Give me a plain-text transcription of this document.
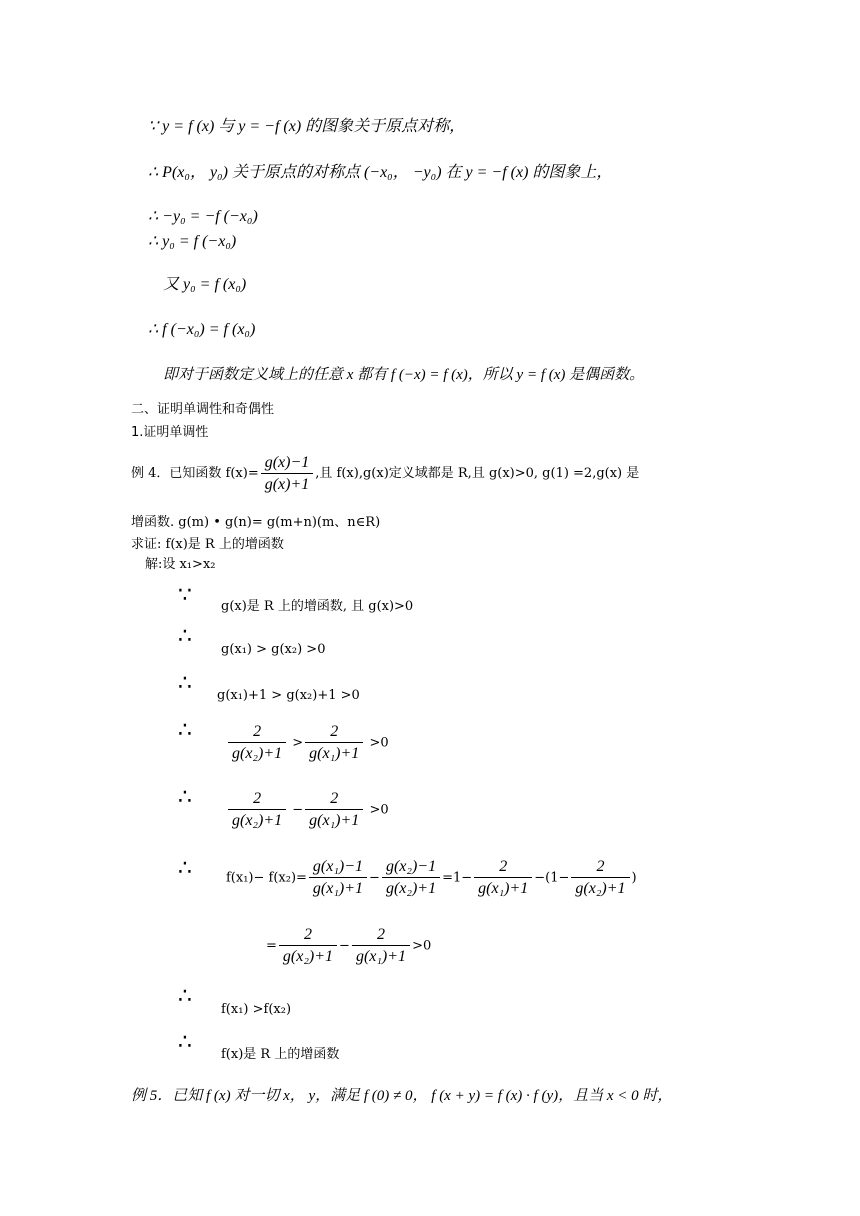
∵ y = f (x) 与 y = −f (x) 的图象关于原点对称，
∴ P(x₀， y₀) 关于原点的对称点 (−x₀， −y₀) 在 y = −f (x) 的图象上，
∴ −y₀ = −f (−x₀)
∴ y₀ = f (−x₀)
又 y₀ = f (x₀)
∴ f (−x₀) = f (x₀)
即对于函数定义域上的任意 x 都有 f (−x) = f (x)，所以 y = f (x) 是偶函数。
二、证明单调性和奇偶性
1.证明单调性
例 4．已知函数 $f(x)= \frac{g(x)-1}{g(x)+1}$ ,且 f(x),g(x)定义域都是 R,且 g(x)>0, g(1) =2,g(x) 是
增函数. g(m) • g(n)= g(m+n)(m、n∈R)
求证: f(x)是 R 上的增函数
解:设 x₁>x₂
∵ g(x)是 R 上的增函数, 且 g(x)>0
∴
g(x₁) > g(x₂) >0
∴ g(x₁)+1 > g(x₂)+1 >0
∴ $\frac{2}{\text{g(x₂)+1}} > \frac{2}{\text{g(x₁)+1}} >0$
∴ $\frac{2}{\text{g(x₂)+1}} - \frac{2}{\text{g(x₁)+1}} >0$
∴	$f(x_1)- f(x_2)= \frac{\text{g(x₁)−1}}{\text{g(x₁)+1}} - \frac{\text{g(x₂)−1}}{\text{g(x₂)+1}} =1- \frac{2}{\text{g(x₁)+1}} -(1- \frac{2}{\text{g(x₂)+1}}$ )
= $\frac{2}{\text{g(x₂)+1}} - \frac{2}{\text{g(x₁)+1}} >0$
∴
f(x₁) >f(x₂)
∴ f(x)是 R 上的增函数
例 5．已知 f (x) 对一切 x， y，满足 f (0) ≠ 0， f (x + y) = f (x) · f (y)，且当 x < 0 时，
